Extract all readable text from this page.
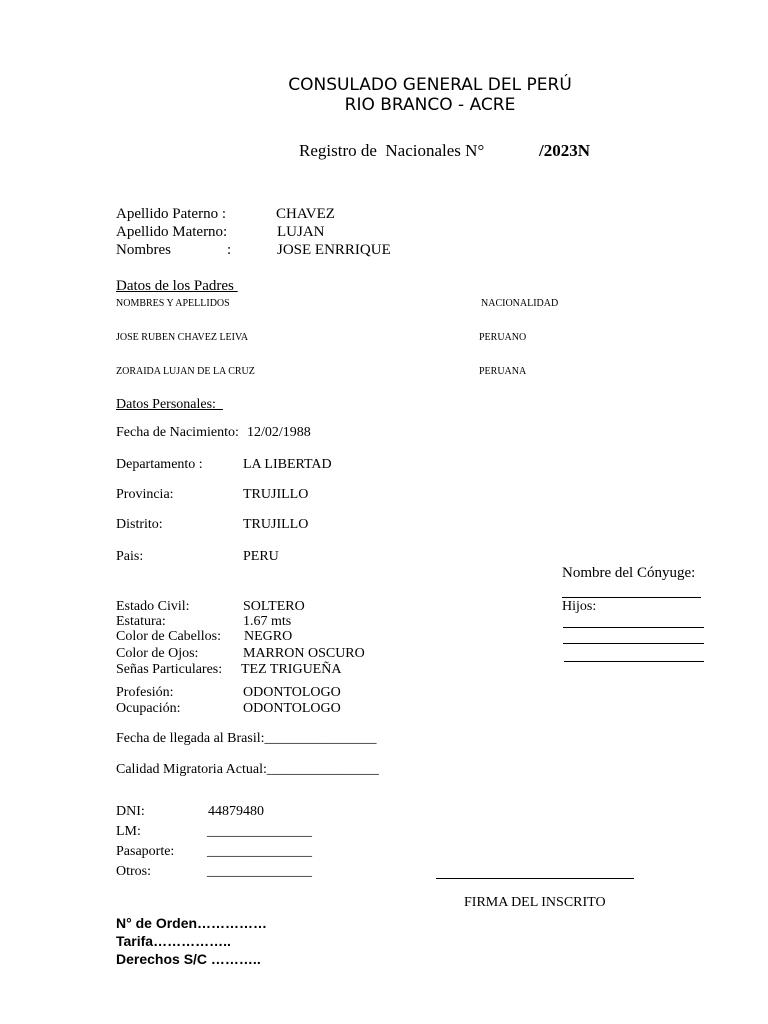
CONSULADO GENERAL DEL PERÚ
RIO BRANCO - ACRE
Registro de  Nacionales N°	/2023N
Apellido Paterno :	CHAVEZ
Apellido Materno:	LUJAN
Nombres	:	JOSE ENRRIQUE
Datos de los Padres
NOMBRES Y APELLIDOS	NACIONALIDAD
JOSE RUBEN CHAVEZ LEIVA	PERUANO
ZORAIDA LUJAN DE LA CRUZ	PERUANA
Datos Personales:
Fecha de Nacimiento: 12/02/1988
Departamento :	LA LIBERTAD
Provincia:	TRUJILLO
Distrito:	TRUJILLO
Pais:	PERU
Estado Civil:	SOLTERO
Estatura:	1.67 mts
Color de Cabellos: NEGRO
Color de Ojos:	MARRON OSCURO
Señas Particulares: TEZ TRIGUEÑA
Profesión:	ODONTOLOGO
Ocupación:	ODONTOLOGO
Fecha de llegada al Brasil:________________
Calidad Migratoria Actual:________________
Nombre del Cónyuge:
Hijos:
DNI:	44879480
LM:	_______________
Pasaporte: _______________
Otros:	_______________
FIRMA DEL INSCRITO
N° de Orden……………
Tarifa……………..
Derechos S/C ………..
